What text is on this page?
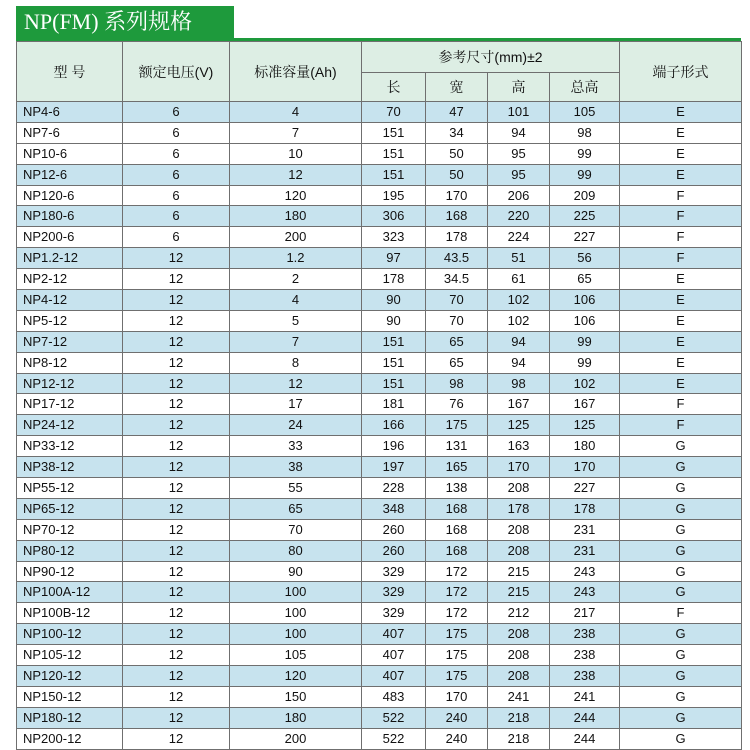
NP(FM) 系列规格
型 号	额定电压(V)	标准容量(Ah)	参考尺寸(mm)±2				端子形式
			长	宽	高	总高	
NP4-6	6	4	70	47	101	105	E
NP7-6	6	7	151	34	94	98	E
NP10-6	6	10	151	50	95	99	E
NP12-6	6	12	151	50	95	99	E
NP120-6	6	120	195	170	206	209	F
NP180-6	6	180	306	168	220	225	F
NP200-6	6	200	323	178	224	227	F
NP1.2-12	12	1.2	97	43.5	51	56	F
NP2-12	12	2	178	34.5	61	65	E
NP4-12	12	4	90	70	102	106	E
NP5-12	12	5	90	70	102	106	E
NP7-12	12	7	151	65	94	99	E
NP8-12	12	8	151	65	94	99	E
NP12-12	12	12	151	98	98	102	E
NP17-12	12	17	181	76	167	167	F
NP24-12	12	24	166	175	125	125	F
NP33-12	12	33	196	131	163	180	G
NP38-12	12	38	197	165	170	170	G
NP55-12	12	55	228	138	208	227	G
NP65-12	12	65	348	168	178	178	G
NP70-12	12	70	260	168	208	231	G
NP80-12	12	80	260	168	208	231	G
NP90-12	12	90	329	172	215	243	G
NP100A-12	12	100	329	172	215	243	G
NP100B-12	12	100	329	172	212	217	F
NP100-12	12	100	407	175	208	238	G
NP105-12	12	105	407	175	208	238	G
NP120-12	12	120	407	175	208	238	G
NP150-12	12	150	483	170	241	241	G
NP180-12	12	180	522	240	218	244	G
NP200-12	12	200	522	240	218	244	G
